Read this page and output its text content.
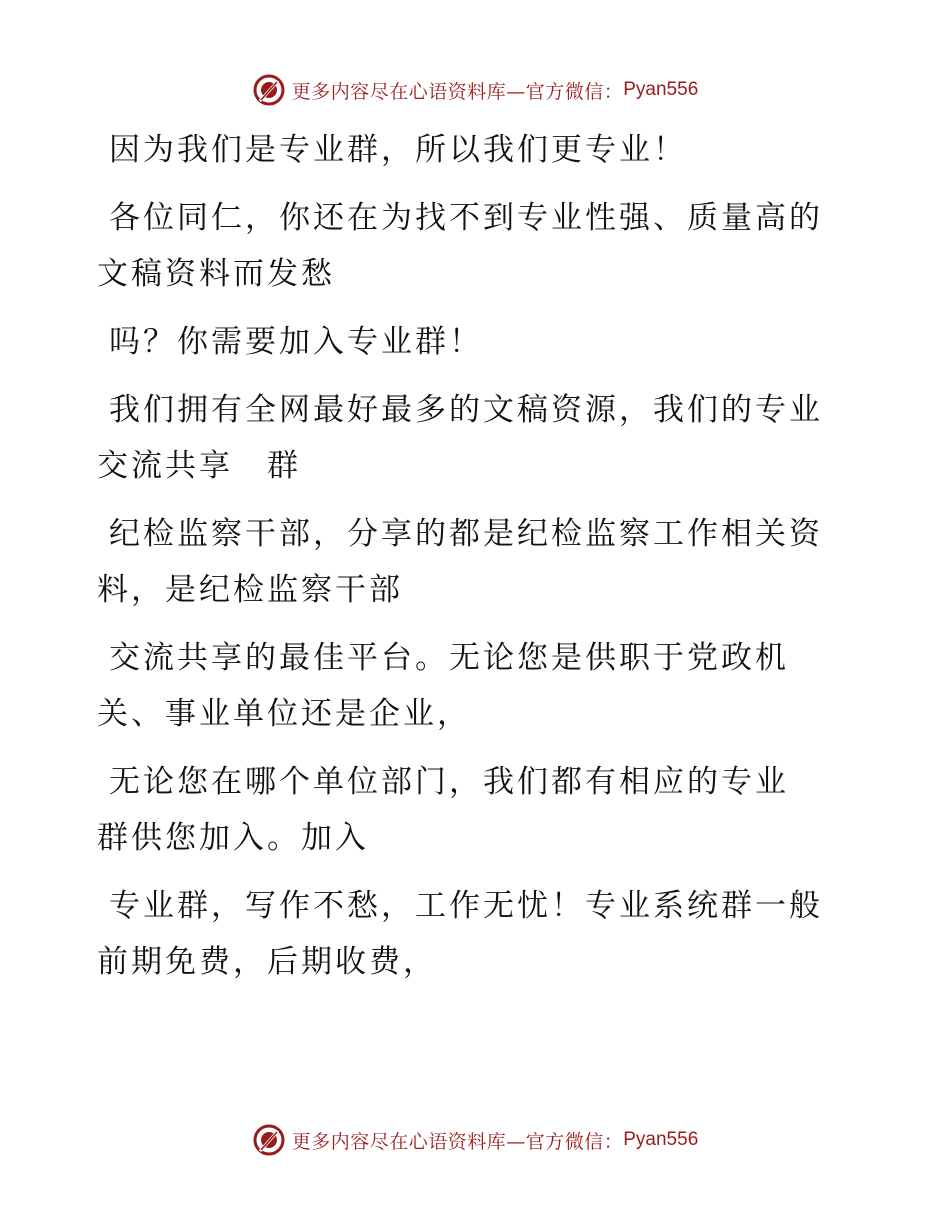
更多内容尽在心语资料库—官方微信： Pyan556
因为我们是专业群，所以我们更专业！
各位同仁，你还在为找不到专业性强、质量高的
文稿资料而发愁
吗？你需要加入专业群！
我们拥有全网最好最多的文稿资源，我们的专业
交流共享　群
纪检监察干部，分享的都是纪检监察工作相关资
料，是纪检监察干部
交流共享的最佳平台。无论您是供职于党政机
关、事业单位还是企业，
无论您在哪个单位部门，我们都有相应的专业
群供您加入。加入
专业群，写作不愁，工作无忧！专业系统群一般
前期免费，后期收费，
更多内容尽在心语资料库—官方微信： Pyan556
